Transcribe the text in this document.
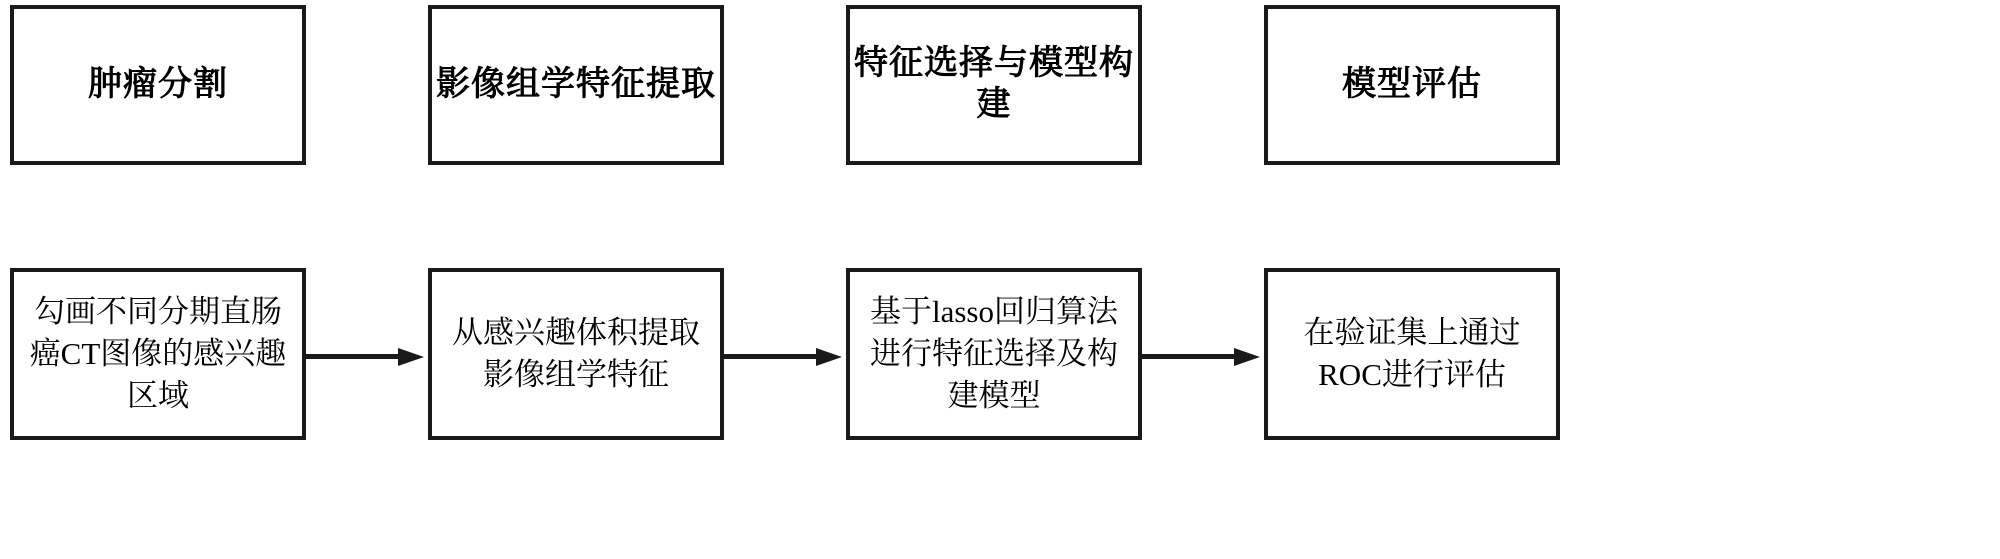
肿瘤分割	影像组学特征提取
特征选择与模型构建
模型评估
勾画不同分期直肠癌CT图像的感兴趣区域
从感兴趣体积提取影像组学特征
基于lasso回归算法进行特征选择及构建模型
在验证集上通过ROC进行评估
